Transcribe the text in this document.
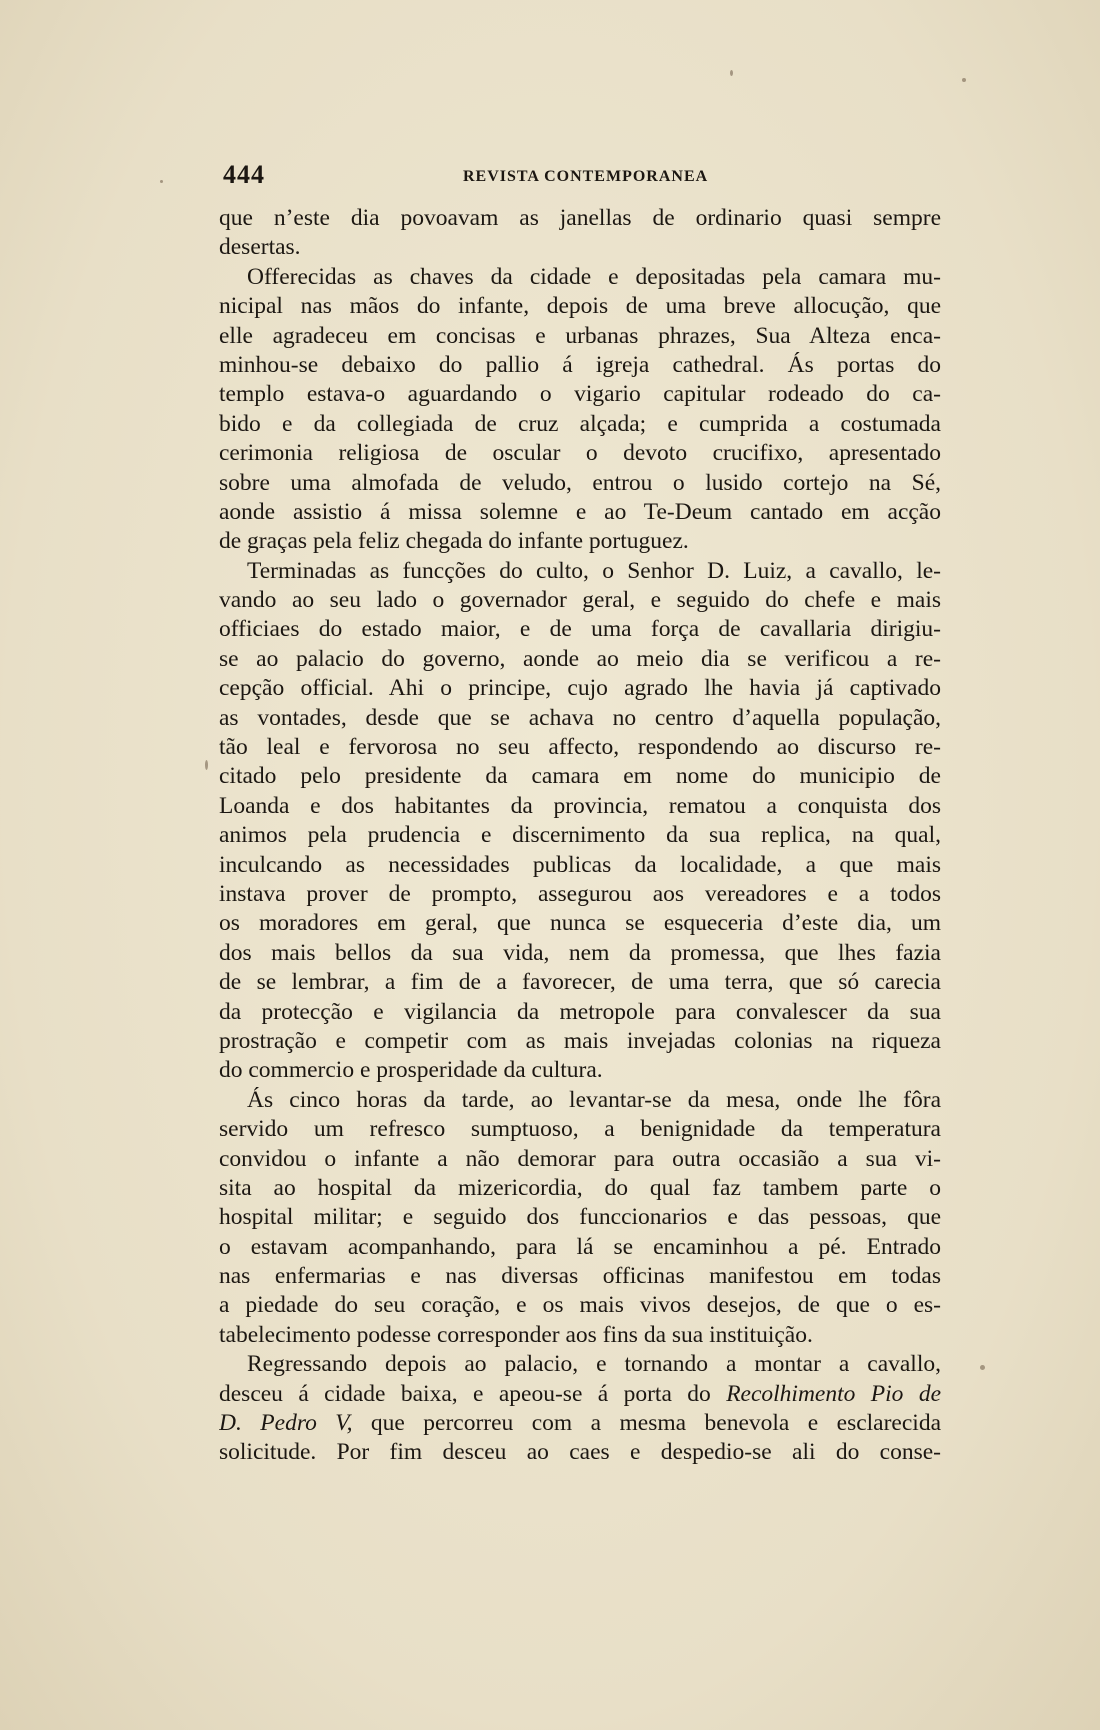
444	REVISTA CONTEMPORANEA
que n’este dia povoavam as janellas de ordinario quasi sempre
desertas.
Offerecidas as chaves da cidade e depositadas pela camara mu-
nicipal nas mãos do infante, depois de uma breve allocução, que
elle agradeceu em concisas e urbanas phrazes, Sua Alteza enca-
minhou-se debaixo do pallio á igreja cathedral. Ás portas do
templo estava-o aguardando o vigario capitular rodeado do ca-
bido e da collegiada de cruz alçada; e cumprida a costumada
cerimonia religiosa de oscular o devoto crucifixo, apresentado
sobre uma almofada de veludo, entrou o lusido cortejo na Sé,
aonde assistio á missa solemne e ao Te-Deum cantado em acção
de graças pela feliz chegada do infante portuguez.
Terminadas as funcções do culto, o Senhor D. Luiz, a cavallo, le-
vando ao seu lado o governador geral, e seguido do chefe e mais
officiaes do estado maior, e de uma força de cavallaria dirigiu-
se ao palacio do governo, aonde ao meio dia se verificou a re-
cepção official. Ahi o principe, cujo agrado lhe havia já captivado
as vontades, desde que se achava no centro d’aquella população,
tão leal e fervorosa no seu affecto, respondendo ao discurso re-
citado pelo presidente da camara em nome do municipio de
Loanda e dos habitantes da provincia, rematou a conquista dos
animos pela prudencia e discernimento da sua replica, na qual,
inculcando as necessidades publicas da localidade, a que mais
instava prover de prompto, assegurou aos vereadores e a todos
os moradores em geral, que nunca se esqueceria d’este dia, um
dos mais bellos da sua vida, nem da promessa, que lhes fazia
de se lembrar, a fim de a favorecer, de uma terra, que só carecia
da protecção e vigilancia da metropole para convalescer da sua
prostração e competir com as mais invejadas colonias na riqueza
do commercio e prosperidade da cultura.
Ás cinco horas da tarde, ao levantar-se da mesa, onde lhe fôra
servido um refresco sumptuoso, a benignidade da temperatura
convidou o infante a não demorar para outra occasião a sua vi-
sita ao hospital da mizericordia, do qual faz tambem parte o
hospital militar; e seguido dos funccionarios e das pessoas, que
o estavam acompanhando, para lá se encaminhou a pé. Entrado
nas enfermarias e nas diversas officinas manifestou em todas
a piedade do seu coração, e os mais vivos desejos, de que o es-
tabelecimento podesse corresponder aos fins da sua instituição.
Regressando depois ao palacio, e tornando a montar a cavallo,
desceu á cidade baixa, e apeou-se á porta do Recolhimento Pio de
D. Pedro V, que percorreu com a mesma benevola e esclarecida
solicitude. Por fim desceu ao caes e despedio-se ali do conse-
